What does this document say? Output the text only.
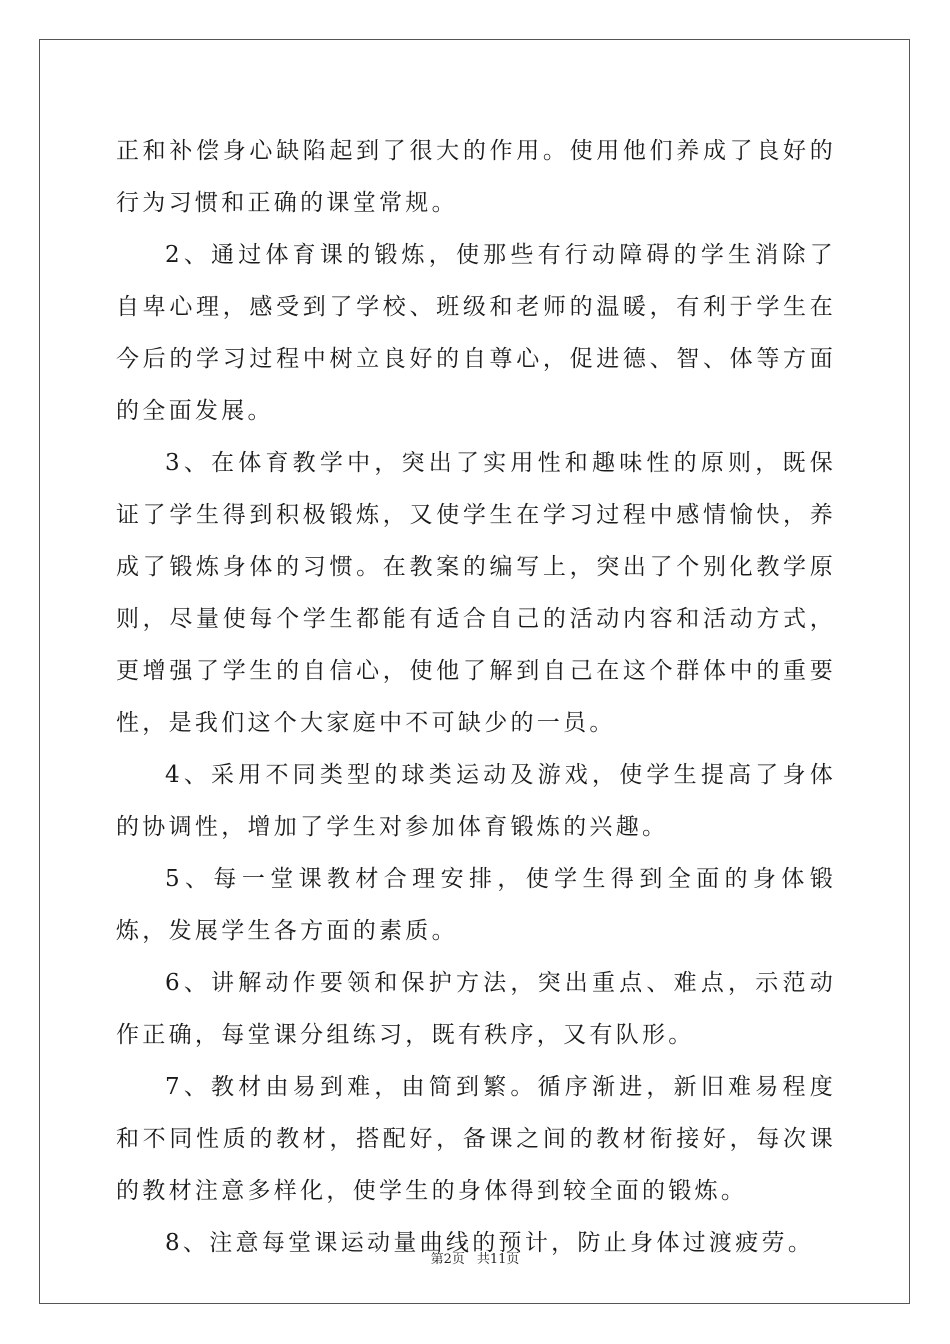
正和补偿身心缺陷起到了很大的作用。使用他们养成了良好的行为习惯和正确的课堂常规。

2、通过体育课的锻炼，使那些有行动障碍的学生消除了自卑心理，感受到了学校、班级和老师的温暖，有利于学生在今后的学习过程中树立良好的自尊心，促进德、智、体等方面的全面发展。

3、在体育教学中，突出了实用性和趣味性的原则，既保证了学生得到积极锻炼，又使学生在学习过程中感情愉快，养成了锻炼身体的习惯。在教案的编写上，突出了个别化教学原则，尽量使每个学生都能有适合自己的活动内容和活动方式，更增强了学生的自信心，使他了解到自己在这个群体中的重要性，是我们这个大家庭中不可缺少的一员。

4、采用不同类型的球类运动及游戏，使学生提高了身体的协调性，增加了学生对参加体育锻炼的兴趣。

5、每一堂课教材合理安排，使学生得到全面的身体锻炼，发展学生各方面的素质。

6、讲解动作要领和保护方法，突出重点、难点，示范动作正确，每堂课分组练习，既有秩序，又有队形。

7、教材由易到难，由简到繁。循序渐进，新旧难易程度和不同性质的教材，搭配好，备课之间的教材衔接好，每次课的教材注意多样化，使学生的身体得到较全面的锻炼。

8、注意每堂课运动量曲线的预计，防止身体过渡疲劳。

第2页 共11页
